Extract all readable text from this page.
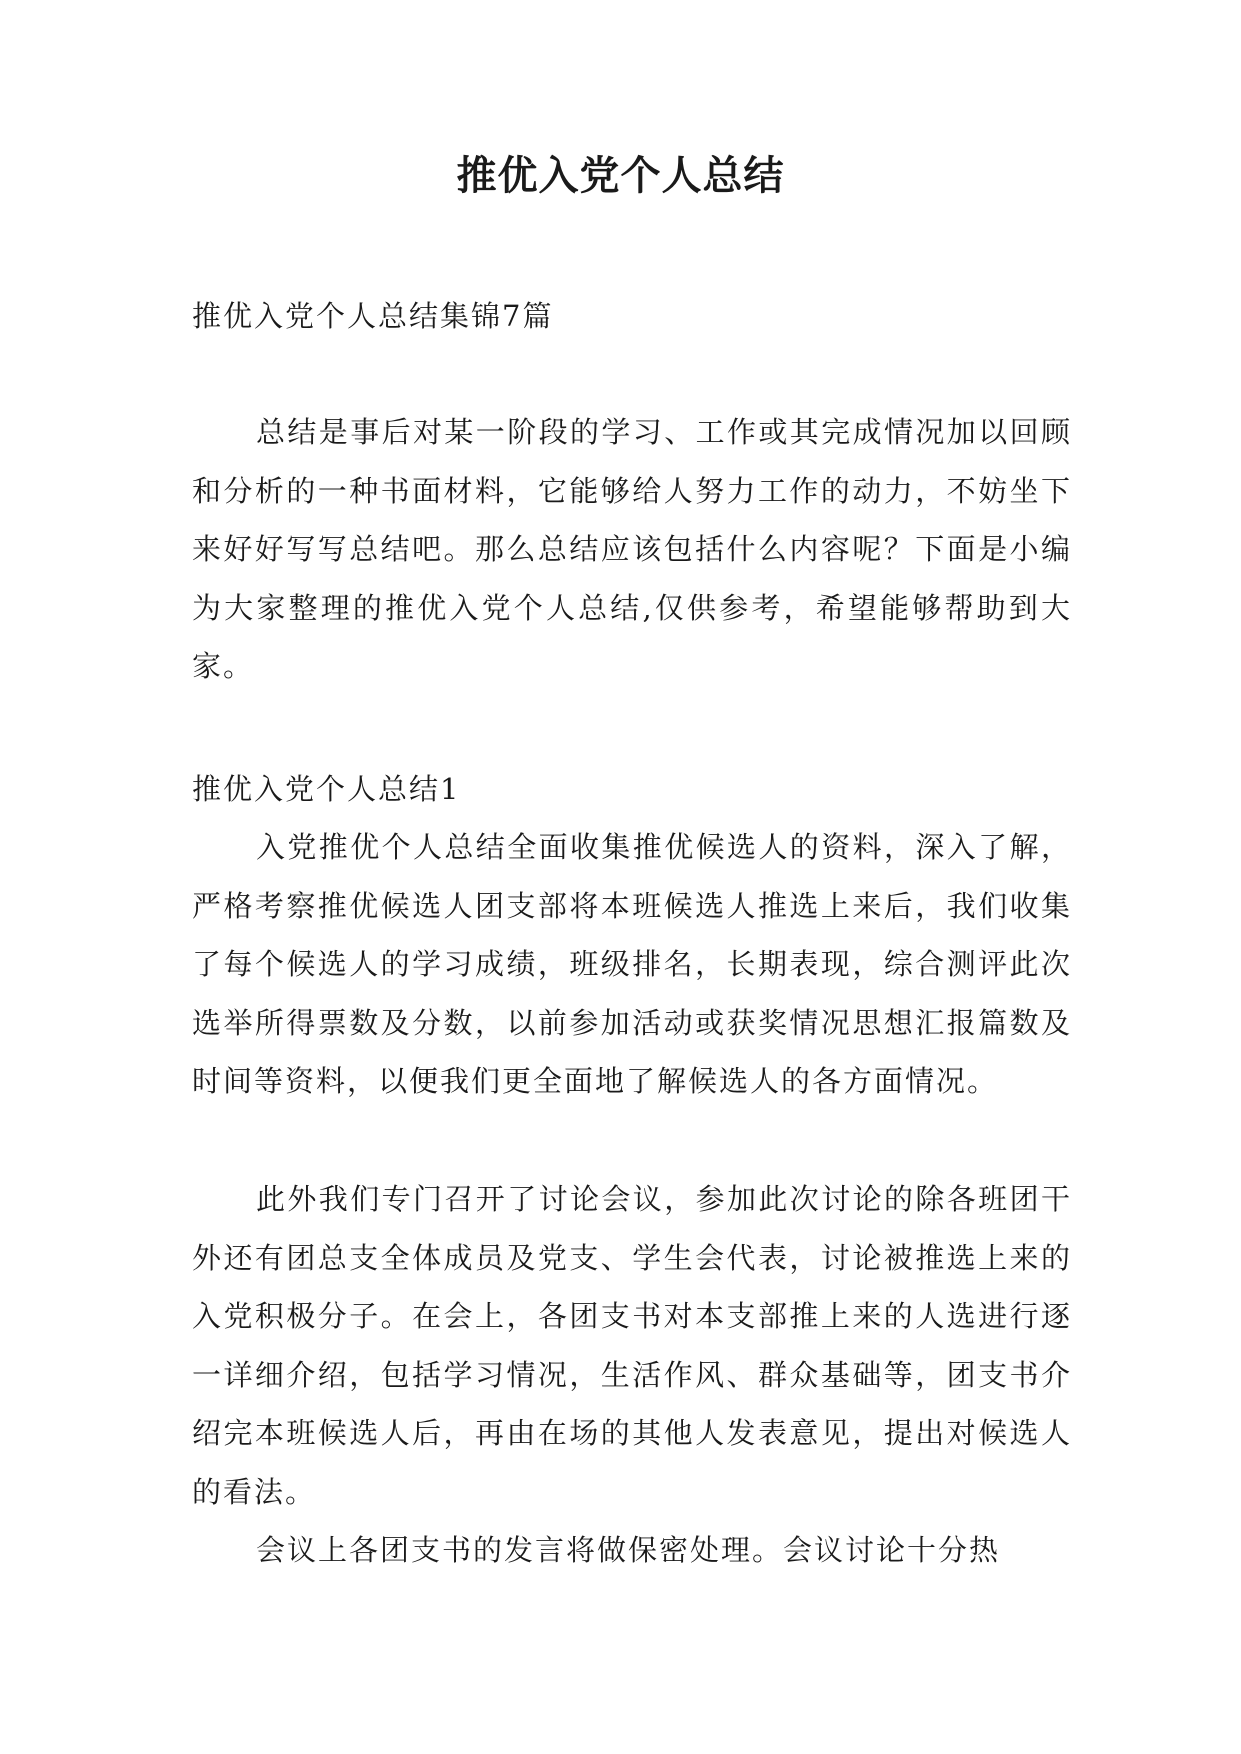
推优入党个人总结

推优入党个人总结集锦7篇

总结是事后对某一阶段的学习、工作或其完成情况加以回顾和分析的一种书面材料，它能够给人努力工作的动力，不妨坐下来好好写写总结吧。那么总结应该包括什么内容呢？下面是小编为大家整理的推优入党个人总结,仅供参考，希望能够帮助到大家。

推优入党个人总结1

入党推优个人总结全面收集推优候选人的资料，深入了解，严格考察推优候选人团支部将本班候选人推选上来后，我们收集了每个候选人的学习成绩，班级排名，长期表现，综合测评此次选举所得票数及分数，以前参加活动或获奖情况思想汇报篇数及时间等资料，以便我们更全面地了解候选人的各方面情况。

此外我们专门召开了讨论会议，参加此次讨论的除各班团干外还有团总支全体成员及党支、学生会代表，讨论被推选上来的入党积极分子。在会上，各团支书对本支部推上来的人选进行逐一详细介绍，包括学习情况，生活作风、群众基础等，团支书介绍完本班候选人后，再由在场的其他人发表意见，提出对候选人的看法。

会议上各团支书的发言将做保密处理。会议讨论十分热
